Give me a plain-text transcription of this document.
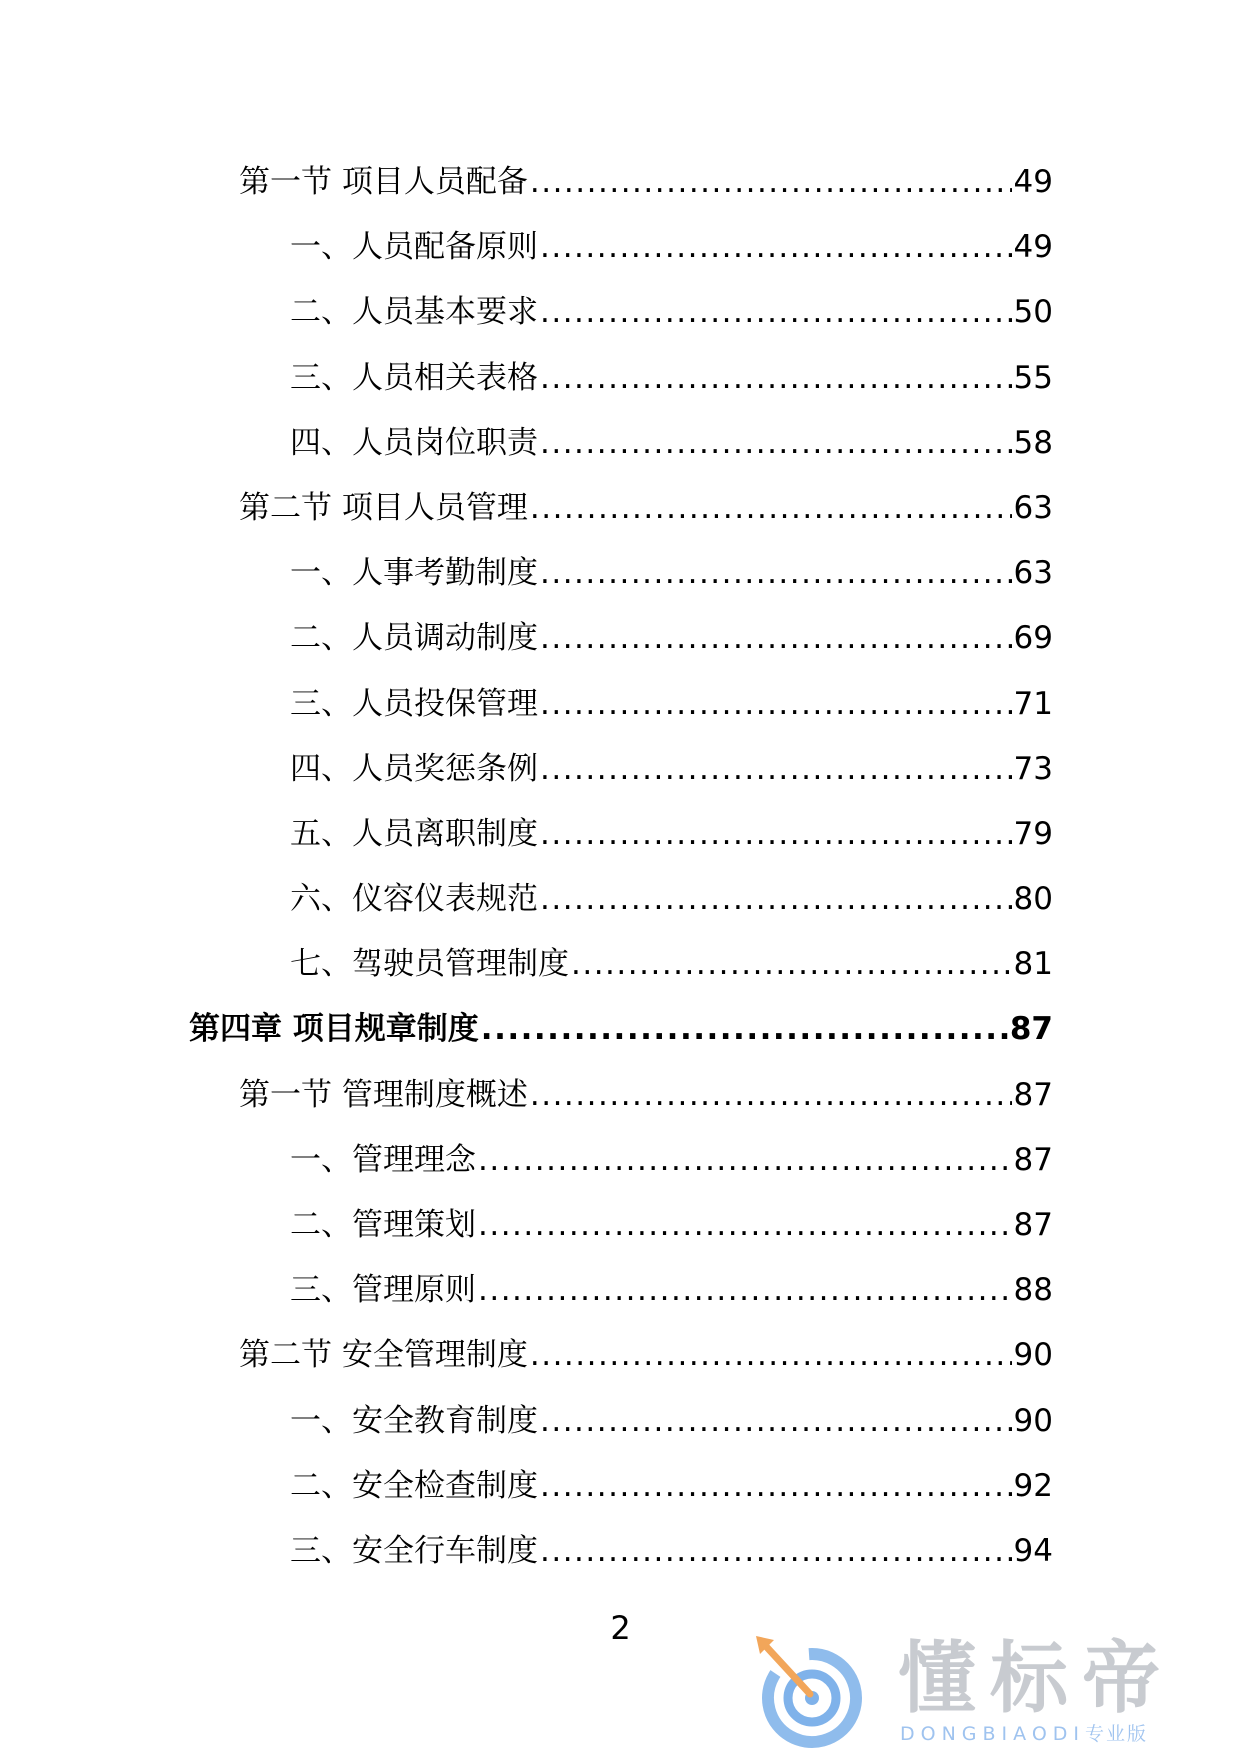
第一节 项目人员配备 .....	49
一、人员配备原则 .....	49
二、人员基本要求 .....	50
三、人员相关表格 .....	55
四、人员岗位职责 .....	58
第二节 项目人员管理 .....	63
一、人事考勤制度 .....	63
二、人员调动制度 .....	69
三、人员投保管理 .....	71
四、人员奖惩条例 .....	73
五、人员离职制度 .....	79
六、仪容仪表规范 .....	80
七、驾驶员管理制度 .....	81
第四章 项目规章制度 .....	87
第一节 管理制度概述 .....	87
一、管理理念 .....	87
二、管理策划 .....	87
三、管理原则 .....	88
第二节 安全管理制度 .....	90
一、安全教育制度 .....	90
二、安全检查制度 .....	92
三、安全行车制度 .....	94
2
懂标帝
DONGBIAODI专业版
